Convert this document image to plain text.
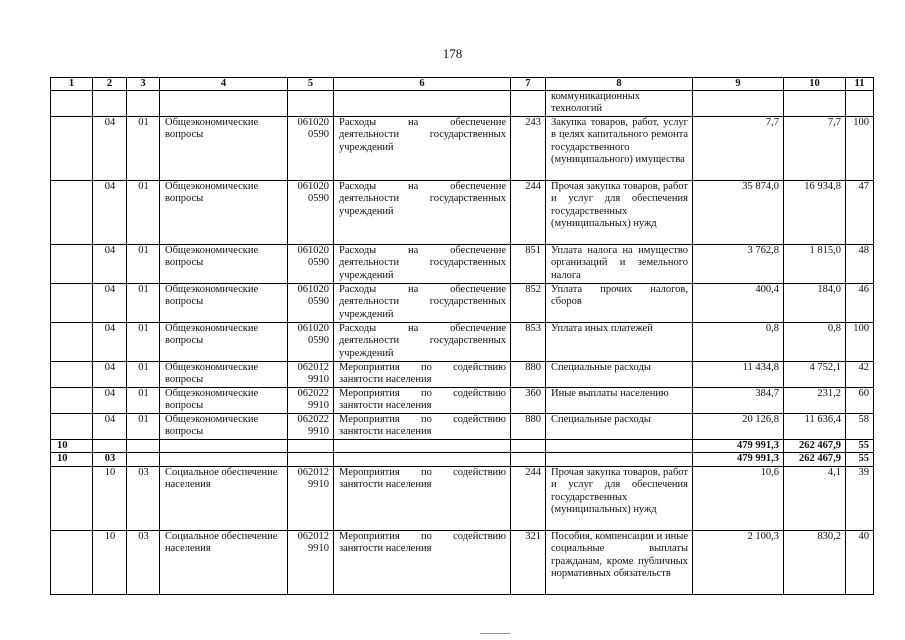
178
1	2	3	4	5	6	7	8	9	10	11
							коммуникационных технологий			
	04	01	Общеэкономические вопросы	061020 0590	Расходы на обеспечение деятельности государственных учреждений	243	Закупка товаров, работ, услуг в целях капитального ремонта государственного (муниципального) имущества	7,7	7,7	100
	04	01	Общеэкономические вопросы	061020 0590	Расходы на обеспечение деятельности государственных учреждений	244	Прочая закупка товаров, работ и услуг для обеспечения государственных (муниципальных) нужд	35 874,0	16 934,8	47
	04	01	Общеэкономические вопросы	061020 0590	Расходы на обеспечение деятельности государственных учреждений	851	Уплата налога на имущество организаций и земельного налога	3 762,8	1 815,0	48
	04	01	Общеэкономические вопросы	061020 0590	Расходы на обеспечение деятельности государственных учреждений	852	Уплата прочих налогов, сборов	400,4	184,0	46
	04	01	Общеэкономические вопросы	061020 0590	Расходы на обеспечение деятельности государственных учреждений	853	Уплата иных платежей	0,8	0,8	100
	04	01	Общеэкономические вопросы	062012 9910	Мероприятия по содействию занятости населения	880	Специальные расходы	11 434,8	4 752,1	42
	04	01	Общеэкономические вопросы	062022 9910	Мероприятия по содействию занятости населения	360	Иные выплаты населению	384,7	231,2	60
	04	01	Общеэкономические вопросы	062022 9910	Мероприятия по содействию занятости населения	880	Специальные расходы	20 126,8	11 636,4	58
10								479 991,3	262 467,9	55
10	03							479 991,3	262 467,9	55
	10	03	Социальное обеспечение населения	062012 9910	Мероприятия по содействию занятости населения	244	Прочая закупка товаров, работ и услуг для обеспечения государственных (муниципальных) нужд	10,6	4,1	39
	10	03	Социальное обеспечение населения	062012 9910	Мероприятия по содействию занятости населения	321	Пособия, компенсации и иные социальные выплаты гражданам, кроме публичных нормативных обязательств	2 100,3	830,2	40
